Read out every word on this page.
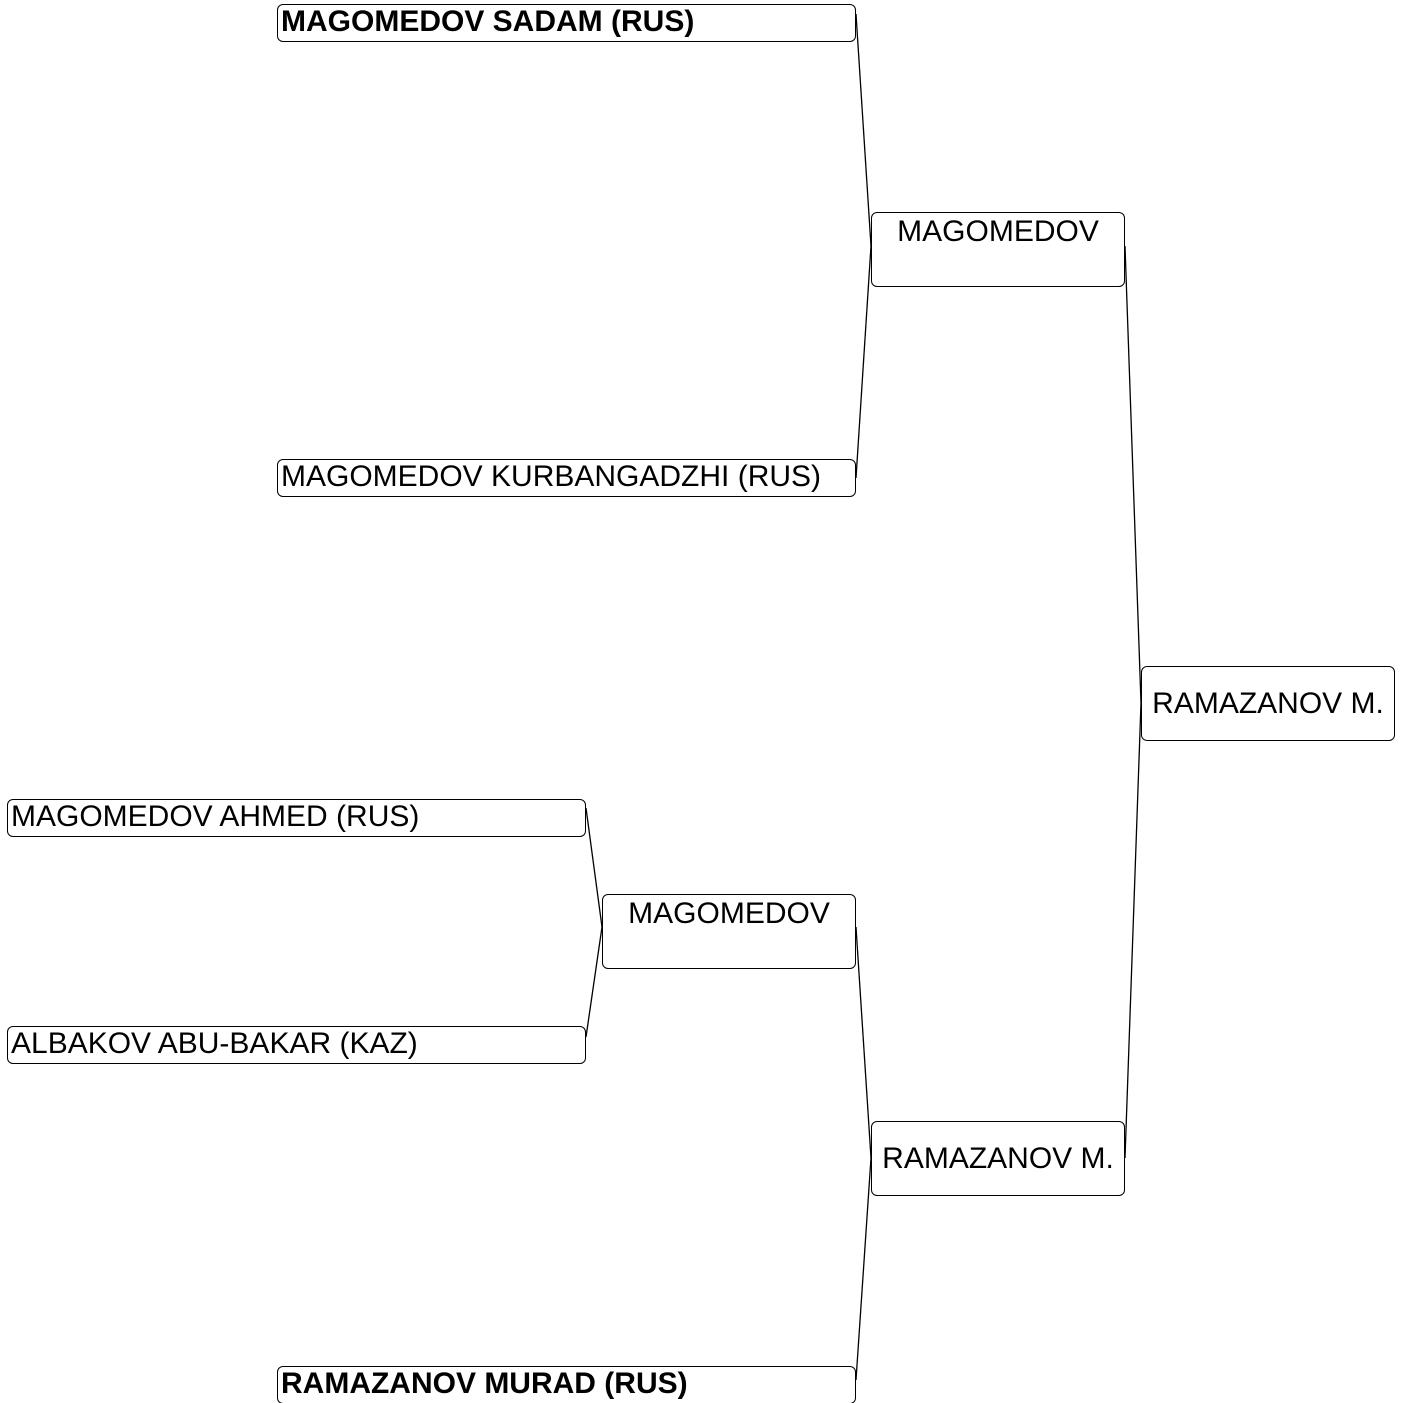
MAGOMEDOV SADAM (RUS)
MAGOMEDOV KURBANGADZHI (RUS)
MAGOMEDOV AHMED (RUS)
ALBAKOV ABU-BAKAR (KAZ)
RAMAZANOV MURAD (RUS)
MAGOMEDOV
MAGOMEDOV
RAMAZANOV M.
RAMAZANOV M.
